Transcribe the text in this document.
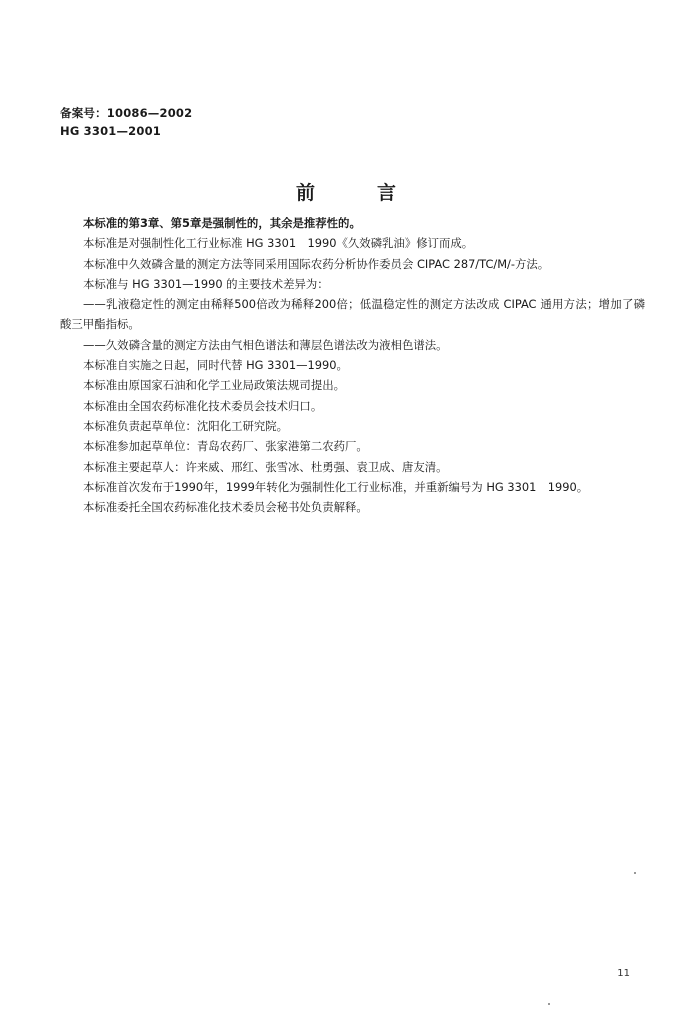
备案号：10086—2002
HG 3301—2001
前言

本标准的第3章、第5章是强制性的，其余是推荐性的。

本标准是对强制性化工行业标准 HG 3301　1990《久效磷乳油》修订而成。

本标准中久效磷含量的测定方法等同采用国际农药分析协作委员会 CIPAC 287/TC/M/-方法。

本标准与 HG 3301—1990 的主要技术差异为：

——乳液稳定性的测定由稀释500倍改为稀释200倍；低温稳定性的测定方法改成 CIPAC 通用方法；增加了磷酸三甲酯指标。

——久效磷含量的测定方法由气相色谱法和薄层色谱法改为液相色谱法。

本标准自实施之日起，同时代替 HG 3301—1990。

本标准由原国家石油和化学工业局政策法规司提出。

本标准由全国农药标准化技术委员会技术归口。

本标准负责起草单位：沈阳化工研究院。

本标准参加起草单位：青岛农药厂、张家港第二农药厂。

本标准主要起草人：许来威、邢红、张雪冰、杜勇强、袁卫成、唐友清。

本标准首次发布于1990年，1999年转化为强制性化工行业标准，并重新编号为 HG 3301　1990。

本标准委托全国农药标准化技术委员会秘书处负责解释。

11
